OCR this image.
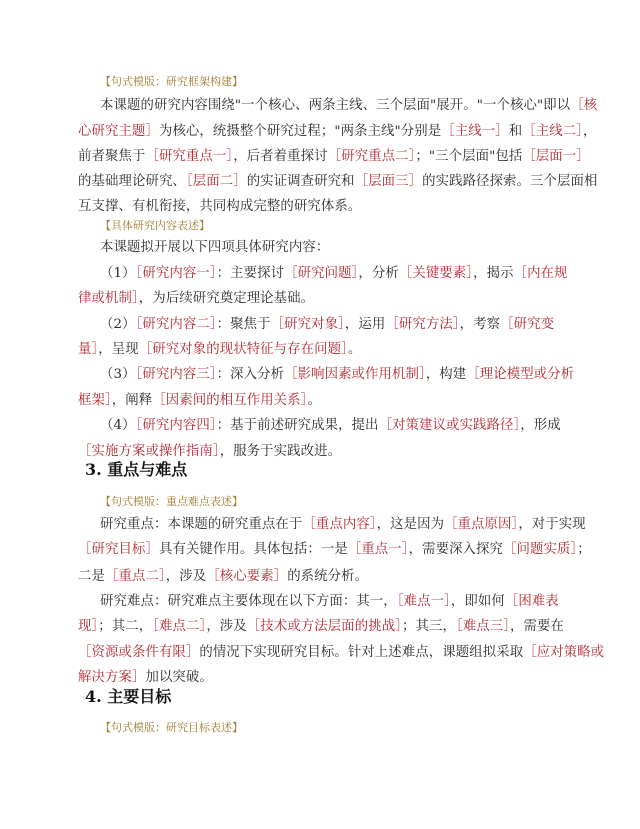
【句式模版：研究框架构建】
本课题的研究内容围绕"一个核心、两条主线、三个层面"展开。"一个核心"即以［核
心研究主题］为核心，统摄整个研究过程；"两条主线"分别是［主线一］和［主线二］，
前者聚焦于［研究重点一］，后者着重探讨［研究重点二］；"三个层面"包括［层面一］
的基础理论研究、［层面二］的实证调查研究和［层面三］的实践路径探索。三个层面相
互支撑、有机衔接，共同构成完整的研究体系。
【具体研究内容表述】
本课题拟开展以下四项具体研究内容：
（1）［研究内容一］：主要探讨［研究问题］，分析［关键要素］，揭示［内在规
律或机制］，为后续研究奠定理论基础。
（2）［研究内容二］：聚焦于［研究对象］，运用［研究方法］，考察［研究变
量］，呈现［研究对象的现状特征与存在问题］。
（3）［研究内容三］：深入分析［影响因素或作用机制］，构建［理论模型或分析
框架］，阐释［因素间的相互作用关系］。
（4）［研究内容四］：基于前述研究成果，提出［对策建议或实践路径］，形成
［实施方案或操作指南］，服务于实践改进。
3. 重点与难点
【句式模版：重点难点表述】
研究重点：本课题的研究重点在于［重点内容］，这是因为［重点原因］，对于实现
［研究目标］具有关键作用。具体包括：一是［重点一］，需要深入探究［问题实质］；
二是［重点二］，涉及［核心要素］的系统分析。
研究难点：研究难点主要体现在以下方面：其一，［难点一］，即如何［困难表
现］；其二，［难点二］，涉及［技术或方法层面的挑战］；其三，［难点三］，需要在
［资源或条件有限］的情况下实现研究目标。针对上述难点，课题组拟采取［应对策略或
解决方案］加以突破。
4. 主要目标
【句式模版：研究目标表述】
